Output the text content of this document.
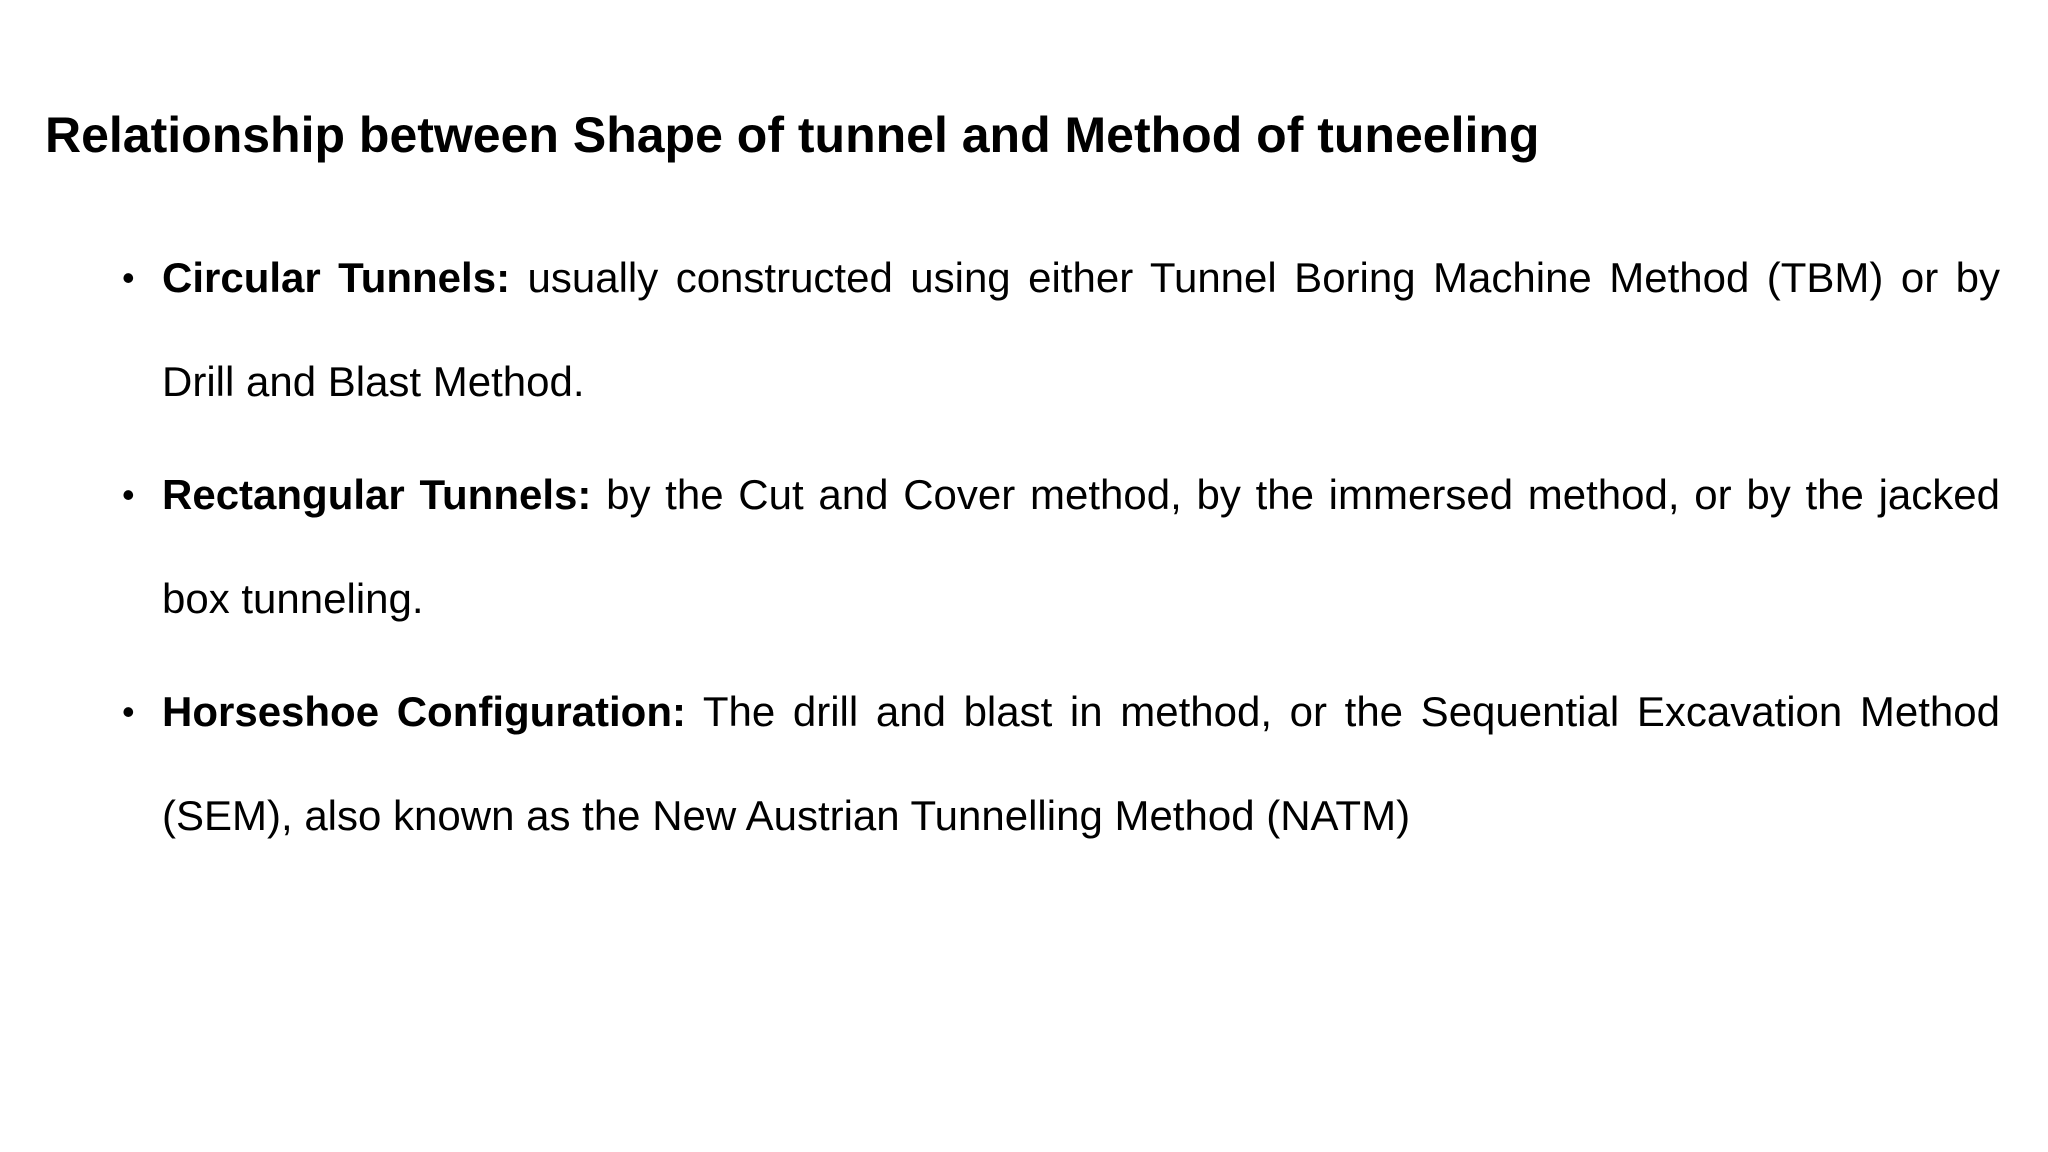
Relationship between Shape of tunnel and Method of tuneeling
• Circular Tunnels: usually constructed using either Tunnel Boring Machine Method (TBM) or by Drill and Blast Method.

• Rectangular Tunnels: by the Cut and Cover method, by the immersed method, or by the jacked box tunneling.

• Horseshoe Configuration: The drill and blast in method, or the Sequential Excavation Method (SEM), also known as the New Austrian Tunnelling Method (NATM)
